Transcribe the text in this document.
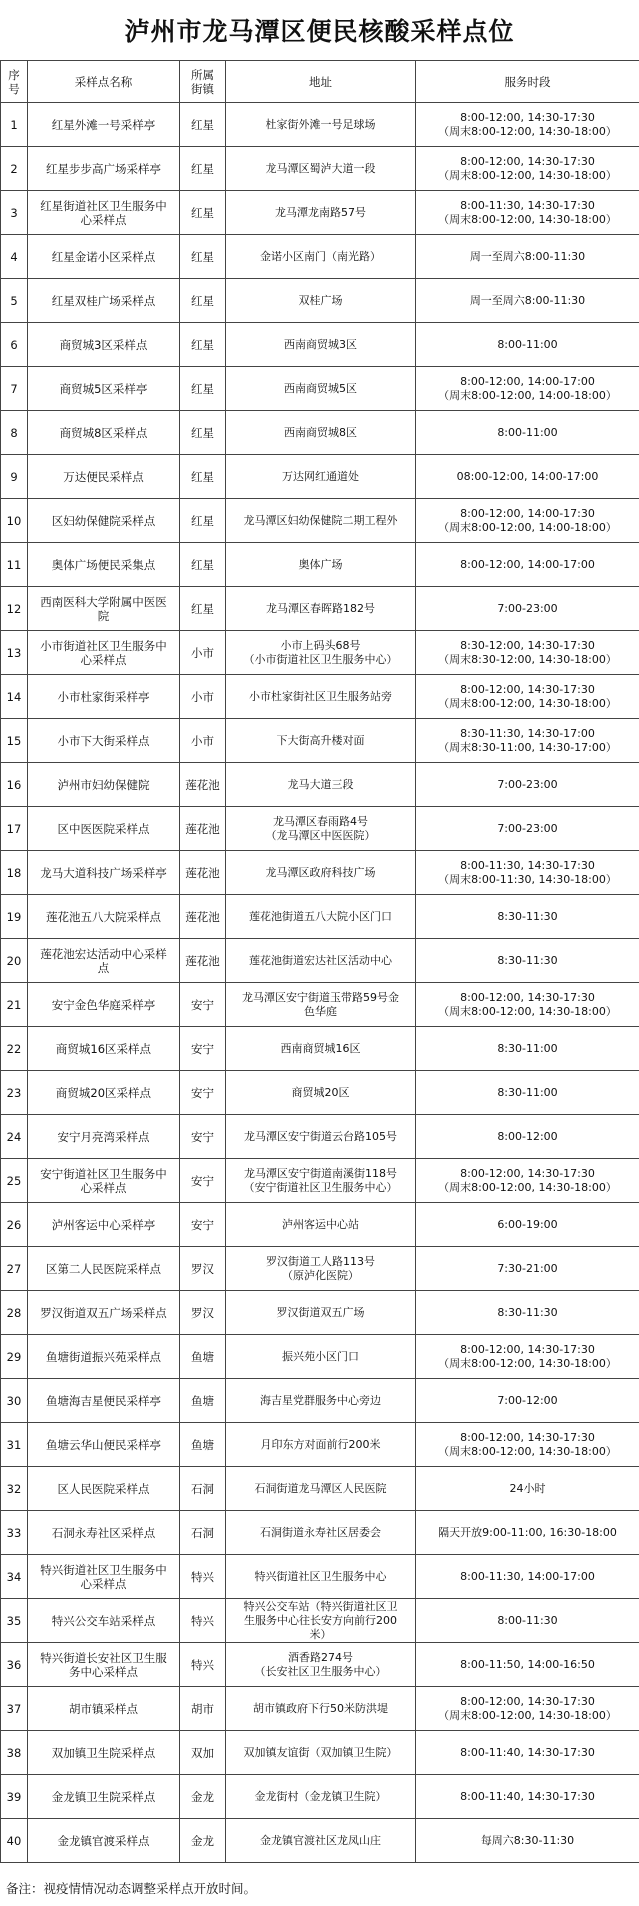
泸州市龙马潭区便民核酸采样点位
序
号	采样点名称	所属
街镇	地址	服务时段
1	红星外滩一号采样亭	红星	杜家街外滩一号足球场	8:00-12:00, 14:30-17:30
（周末8:00-12:00, 14:30-18:00）
2	红星步步高广场采样亭	红星	龙马潭区蜀泸大道一段	8:00-12:00, 14:30-17:30
（周末8:00-12:00, 14:30-18:00）
3	红星街道社区卫生服务中
心采样点	红星	龙马潭龙南路57号	8:00-11:30, 14:30-17:30
（周末8:00-12:00, 14:30-18:00）
4	红星金诺小区采样点	红星	金诺小区南门（南光路）	周一至周六8:00-11:30
5	红星双桂广场采样点	红星	双桂广场	周一至周六8:00-11:30
6	商贸城3区采样点	红星	西南商贸城3区	8:00-11:00
7	商贸城5区采样亭	红星	西南商贸城5区	8:00-12:00, 14:00-17:00
（周末8:00-12:00, 14:00-18:00）
8	商贸城8区采样点	红星	西南商贸城8区	8:00-11:00
9	万达便民采样点	红星	万达网红通道处	08:00-12:00, 14:00-17:00
10	区妇幼保健院采样点	红星	龙马潭区妇幼保健院二期工程外	8:00-12:00, 14:00-17:30
（周末8:00-12:00, 14:00-18:00）
11	奥体广场便民采集点	红星	奥体广场	8:00-12:00, 14:00-17:00
12	西南医科大学附属中医医
院	红星	龙马潭区春晖路182号	7:00-23:00
13	小市街道社区卫生服务中
心采样点	小市	小市上码头68号
（小市街道社区卫生服务中心）	8:30-12:00, 14:30-17:30
（周末8:30-12:00, 14:30-18:00）
14	小市杜家街采样亭	小市	小市杜家街社区卫生服务站旁	8:00-12:00, 14:30-17:30
（周末8:00-12:00, 14:30-18:00）
15	小市下大街采样点	小市	下大街高升楼对面	8:30-11:30, 14:30-17:00
（周末8:30-11:00, 14:30-17:00）
16	泸州市妇幼保健院	莲花池	龙马大道三段	7:00-23:00
17	区中医医院采样点	莲花池	龙马潭区春雨路4号
（龙马潭区中医医院）	7:00-23:00
18	龙马大道科技广场采样亭	莲花池	龙马潭区政府科技广场	8:00-11:30, 14:30-17:30
（周末8:00-11:30, 14:30-18:00）
19	莲花池五八大院采样点	莲花池	莲花池街道五八大院小区门口	8:30-11:30
20	莲花池宏达活动中心采样
点	莲花池	莲花池街道宏达社区活动中心	8:30-11:30
21	安宁金色华庭采样亭	安宁	龙马潭区安宁街道玉带路59号金
色华庭	8:00-12:00, 14:30-17:30
（周末8:00-12:00, 14:30-18:00）
22	商贸城16区采样点	安宁	西南商贸城16区	8:30-11:00
23	商贸城20区采样点	安宁	商贸城20区	8:30-11:00
24	安宁月亮湾采样点	安宁	龙马潭区安宁街道云台路105号	8:00-12:00
25	安宁街道社区卫生服务中
心采样点	安宁	龙马潭区安宁街道南溪街118号
（安宁街道社区卫生服务中心）	8:00-12:00, 14:30-17:30
（周末8:00-12:00, 14:30-18:00）
26	泸州客运中心采样亭	安宁	泸州客运中心站	6:00-19:00
27	区第二人民医院采样点	罗汉	罗汉街道工人路113号
（原泸化医院）	7:30-21:00
28	罗汉街道双五广场采样点	罗汉	罗汉街道双五广场	8:30-11:30
29	鱼塘街道振兴苑采样点	鱼塘	振兴苑小区门口	8:00-12:00, 14:30-17:30
（周末8:00-12:00, 14:30-18:00）
30	鱼塘海吉星便民采样亭	鱼塘	海吉星党群服务中心旁边	7:00-12:00
31	鱼塘云华山便民采样亭	鱼塘	月印东方对面前行200米	8:00-12:00, 14:30-17:30
（周末8:00-12:00, 14:30-18:00）
32	区人民医院采样点	石洞	石洞街道龙马潭区人民医院	24小时
33	石洞永寿社区采样点	石洞	石洞街道永寿社区居委会	隔天开放9:00-11:00, 16:30-18:00
34	特兴街道社区卫生服务中
心采样点	特兴	特兴街道社区卫生服务中心	8:00-11:30, 14:00-17:00
35	特兴公交车站采样点	特兴	特兴公交车站（特兴街道社区卫
生服务中心往长安方向前行200
米）	8:00-11:30
36	特兴街道长安社区卫生服
务中心采样点	特兴	酒香路274号
（长安社区卫生服务中心）	8:00-11:50, 14:00-16:50
37	胡市镇采样点	胡市	胡市镇政府下行50米防洪堤	8:00-12:00, 14:30-17:30
（周末8:00-12:00, 14:30-18:00）
38	双加镇卫生院采样点	双加	双加镇友谊街（双加镇卫生院）	8:00-11:40, 14:30-17:30
39	金龙镇卫生院采样点	金龙	金龙街村（金龙镇卫生院）	8:00-11:40, 14:30-17:30
40	金龙镇官渡采样点	金龙	金龙镇官渡社区龙凤山庄	每周六8:30-11:30
备注：视疫情情况动态调整采样点开放时间。
